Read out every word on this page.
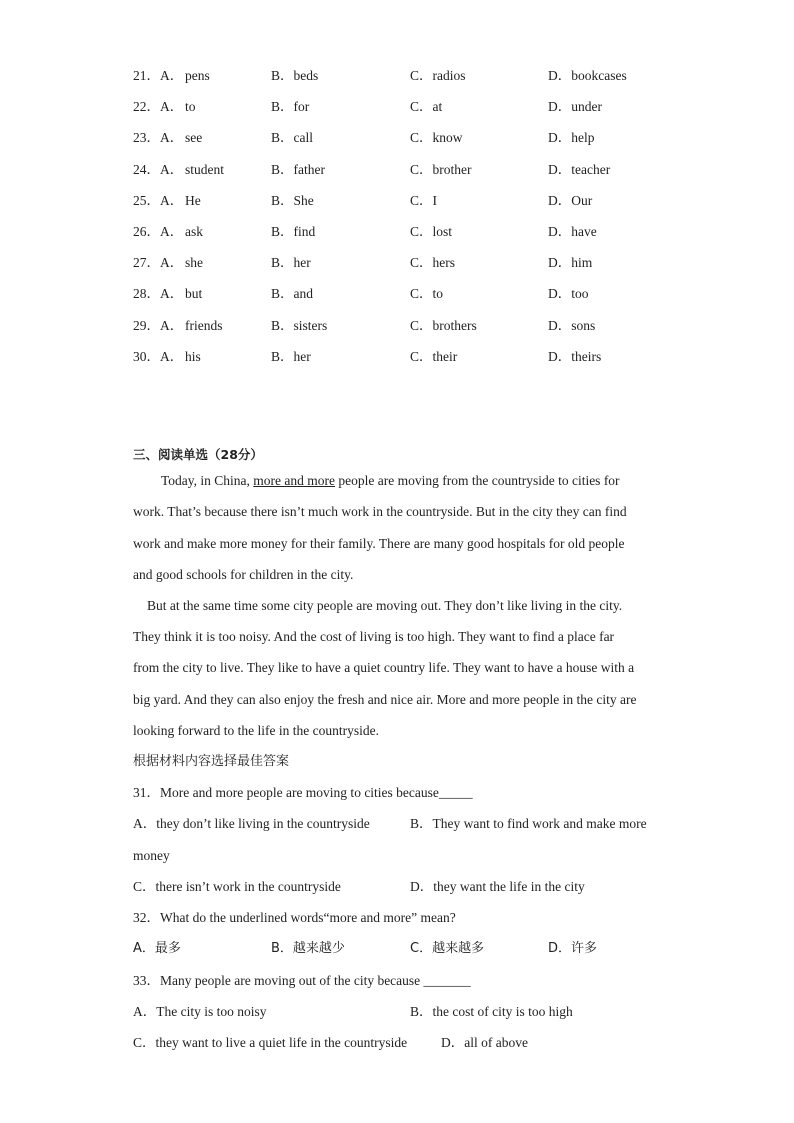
21．A． pens	B．beds	C．radios	D．bookcases
22．A． to	B．for	C．at	D．under
23．A． see	B．call	C．know	D．help
24．A． student	B．father	C．brother	D．teacher
25．A． He	B．She	C．I	D．Our
26．A． ask	B．find	C．lost	D．have
27．A． she	B．her	C．hers	D．him
28．A． but	B．and	C．to	D．too
29．A． friends	B．sisters	C．brothers	D．sons
30．A． his	B．her	C．their	D．theirs
三、阅读单选（28分）
Today, in China, more and more people are moving from the countryside to cities for
work. That’s because there isn’t much work in the countryside. But in the city they can find
work and make more money for their family. There are many good hospitals for old people
and good schools for children in the city.
But at the same time some city people are moving out. They don’t like living in the city.
They think it is too noisy. And the cost of living is too high. They want to find a place far
from the city to live. They like to have a quiet country life. They want to have a house with a
big yard. And they can also enjoy the fresh and nice air. More and more people in the city are
looking forward to the life in the countryside.
根据材料内容选择最佳答案
31．More and more people are moving to cities because_____
A．they don’t like living in the countryside	B．They want to find work and make more
money
C．there isn’t work in the countryside	D．they want the life in the city
32．What do the underlined words“more and more” mean?
A．最多	B．越来越少	C．越来越多	D．许多
33．Many people are moving out of the city because _______
A．The city is too noisy	B．the cost of city is too high
C．they want to live a quiet life in the countryside	D．all of above
